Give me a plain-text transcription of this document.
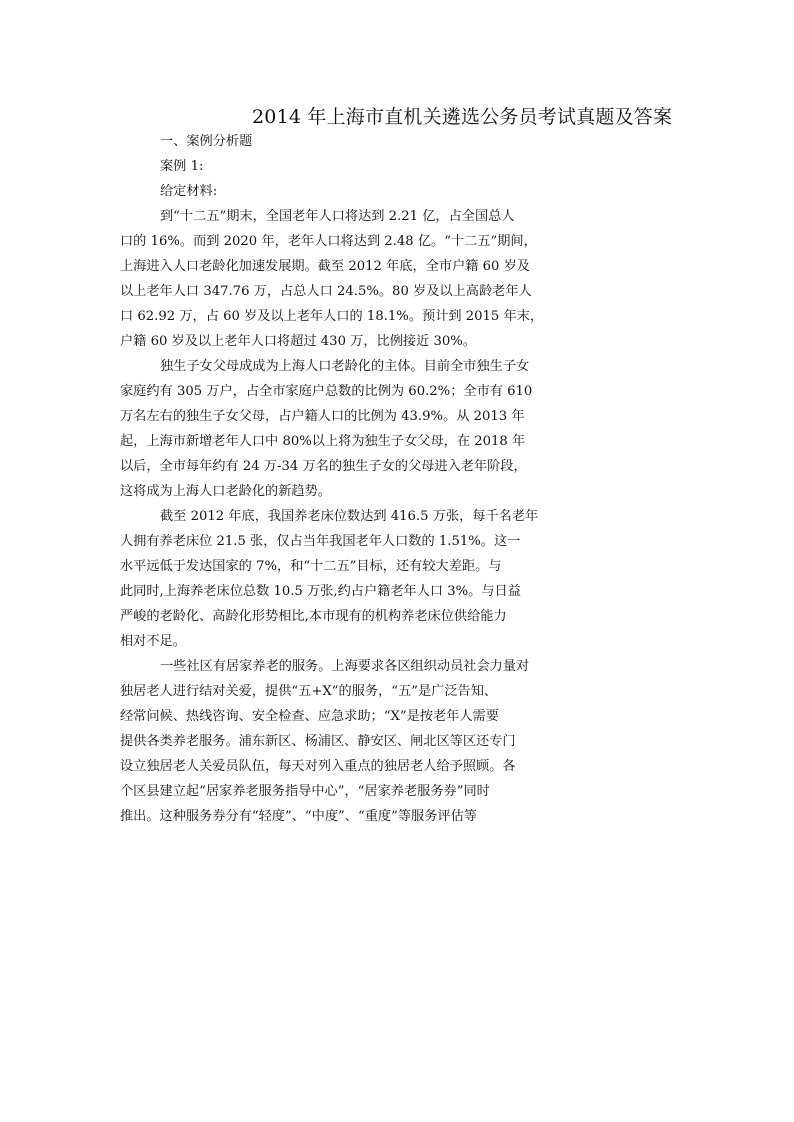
2014 年上海市直机关遴选公务员考试真题及答案
一、案例分析题
案例 1:
给定材料:
到“十二五”期末，全国老年人口将达到 2.21 亿，占全国总人
口的 16%。而到 2020 年，老年人口将达到 2.48 亿。“十二五”期间，
上海进入人口老龄化加速发展期。截至 2012 年底，全市户籍 60 岁及
以上老年人口 347.76 万，占总人口 24.5%。80 岁及以上高龄老年人
口 62.92 万，占 60 岁及以上老年人口的 18.1%。预计到 2015 年末，
户籍 60 岁及以上老年人口将超过 430 万，比例接近 30%。
独生子女父母成成为上海人口老龄化的主体。目前全市独生子女
家庭约有 305 万户，占全市家庭户总数的比例为 60.2%；全市有 610
万名左右的独生子女父母，占户籍人口的比例为 43.9%。从 2013 年
起，上海市新增老年人口中 80%以上将为独生子女父母，在 2018 年
以后，全市每年约有 24 万-34 万名的独生子女的父母进入老年阶段，
这将成为上海人口老龄化的新趋势。
截至 2012 年底，我国养老床位数达到 416.5 万张，每千名老年
人拥有养老床位 21.5 张，仅占当年我国老年人口数的 1.51%。这一
水平远低于发达国家的 7%，和“十二五”目标，还有较大差距。与
此同时,上海养老床位总数 10.5 万张,约占户籍老年人口 3%。与日益
严峻的老龄化、高龄化形势相比,本市现有的机构养老床位供给能力
相对不足。
一些社区有居家养老的服务。上海要求各区组织动员社会力量对
独居老人进行结对关爱，提供“五+X”的服务，“五”是广泛告知、
经常问候、热线咨询、安全检查、应急求助；“X”是按老年人需要
提供各类养老服务。浦东新区、杨浦区、静安区、闸北区等区还专门
设立独居老人关爱员队伍，每天对列入重点的独居老人给予照顾。各
个区县建立起“居家养老服务指导中心”，“居家养老服务券”同时
推出。这种服务券分有“轻度”、“中度”、“重度”等服务评估等
